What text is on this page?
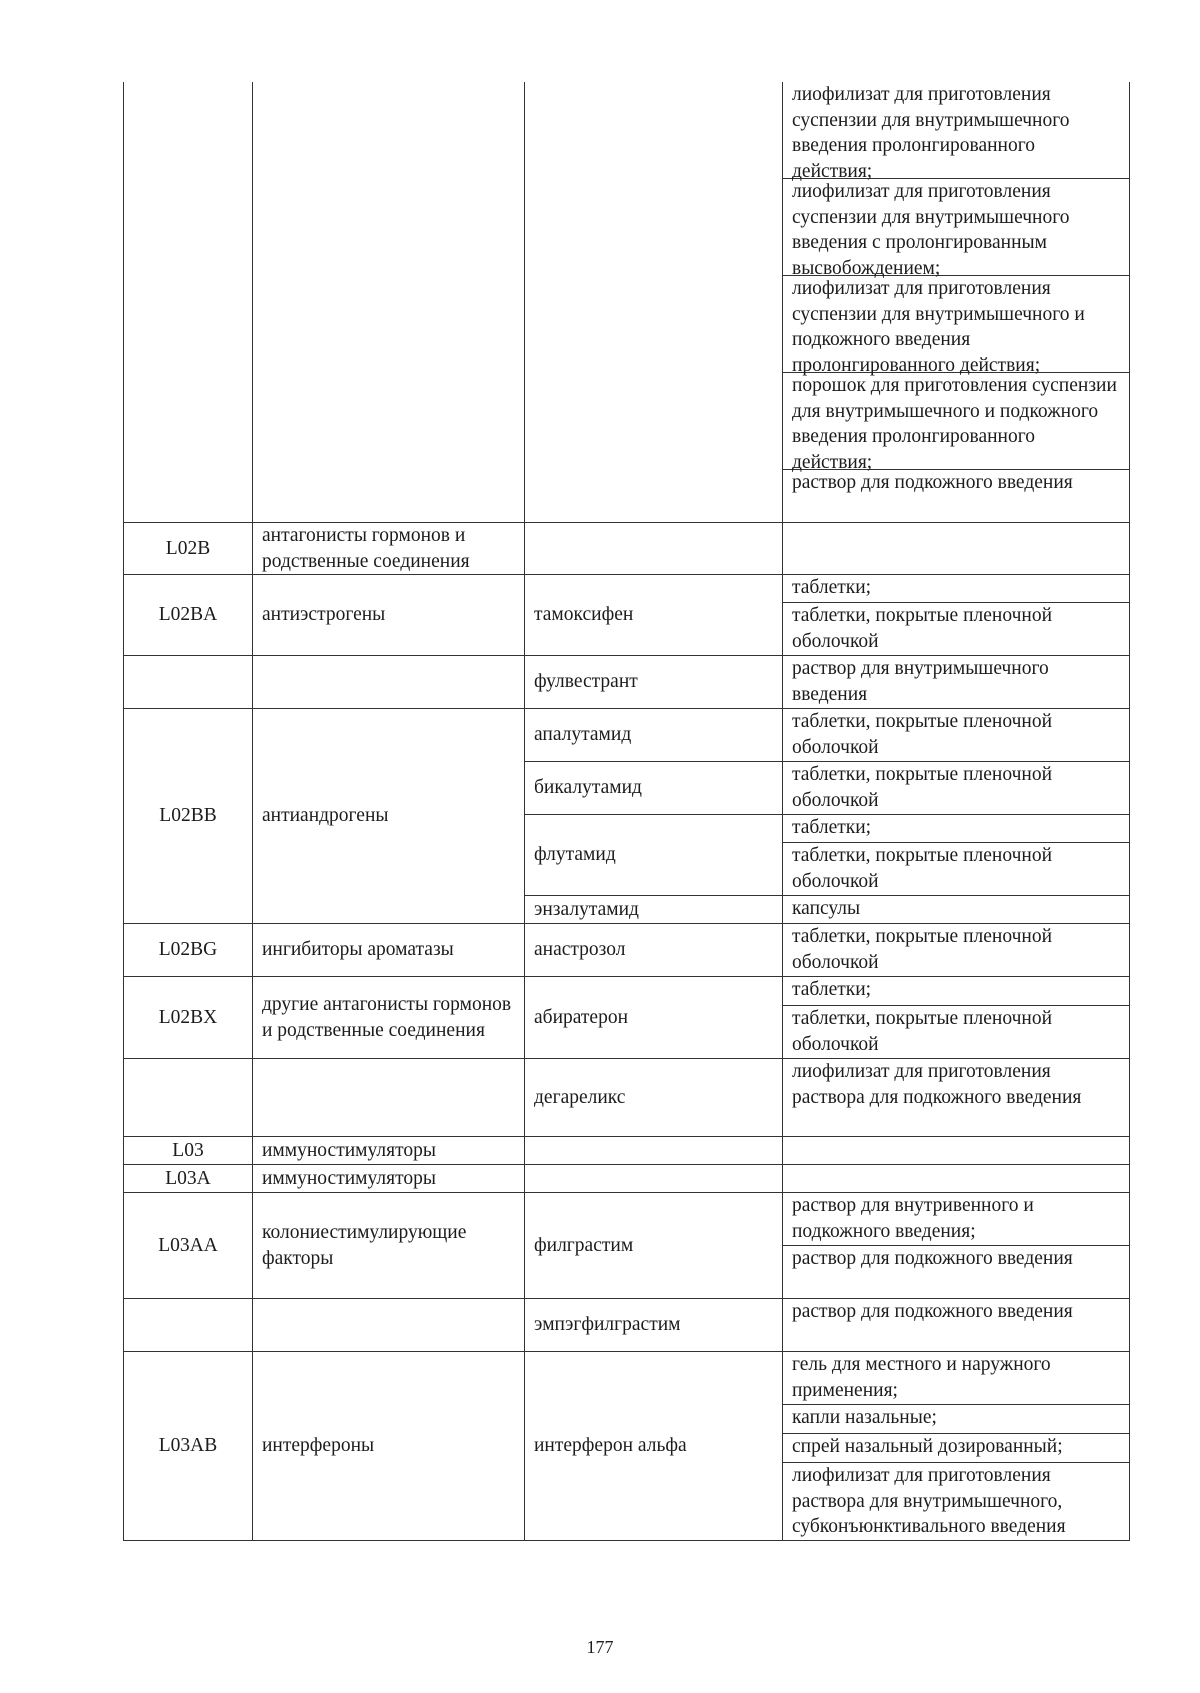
			лиофилизат для приготовления суспензии для внутримышечного введения пролонгированного действия;
лиофилизат для приготовления суспензии для внутримышечного введения с пролонгированным высвобождением;
лиофилизат для приготовления суспензии для внутримышечного и подкожного введения пролонгированного действия;
порошок для приготовления суспензии для внутримышечного и подкожного введения пролонгированного действия;
раствор для подкожного введения

L02B	антагонисты гормонов и родственные соединения		

L02BA	антиэстрогены	тамоксифен	таблетки;
таблетки, покрытые пленочной оболочкой

		фулвестрант	раствор для внутримышечного введения

L02BB	антиандрогены	апалутамид	таблетки, покрытые пленочной оболочкой

		бикалутамид	таблетки, покрытые пленочной оболочкой

		флутамид	таблетки;
таблетки, покрытые пленочной оболочкой

		энзалутамид	капсулы

L02BG	ингибиторы ароматазы	анастрозол	таблетки, покрытые пленочной оболочкой

L02BX	другие антагонисты гормонов и родственные соединения	абиратерон	таблетки;
таблетки, покрытые пленочной оболочкой

		дегареликс	лиофилизат для приготовления раствора для подкожного введения

L03	иммуностимуляторы		

L03A	иммуностимуляторы		

L03AA	колониестимулирующие факторы	филграстим	раствор для внутривенного и подкожного введения;
раствор для подкожного введения

		эмпэгфилграстим	раствор для подкожного введения

L03AB	интерфероны	интерферон альфа	гель для местного и наружного применения;
капли назальные;
спрей назальный дозированный;
лиофилизат для приготовления раствора для внутримышечного, субконъюнктивального введения
177
